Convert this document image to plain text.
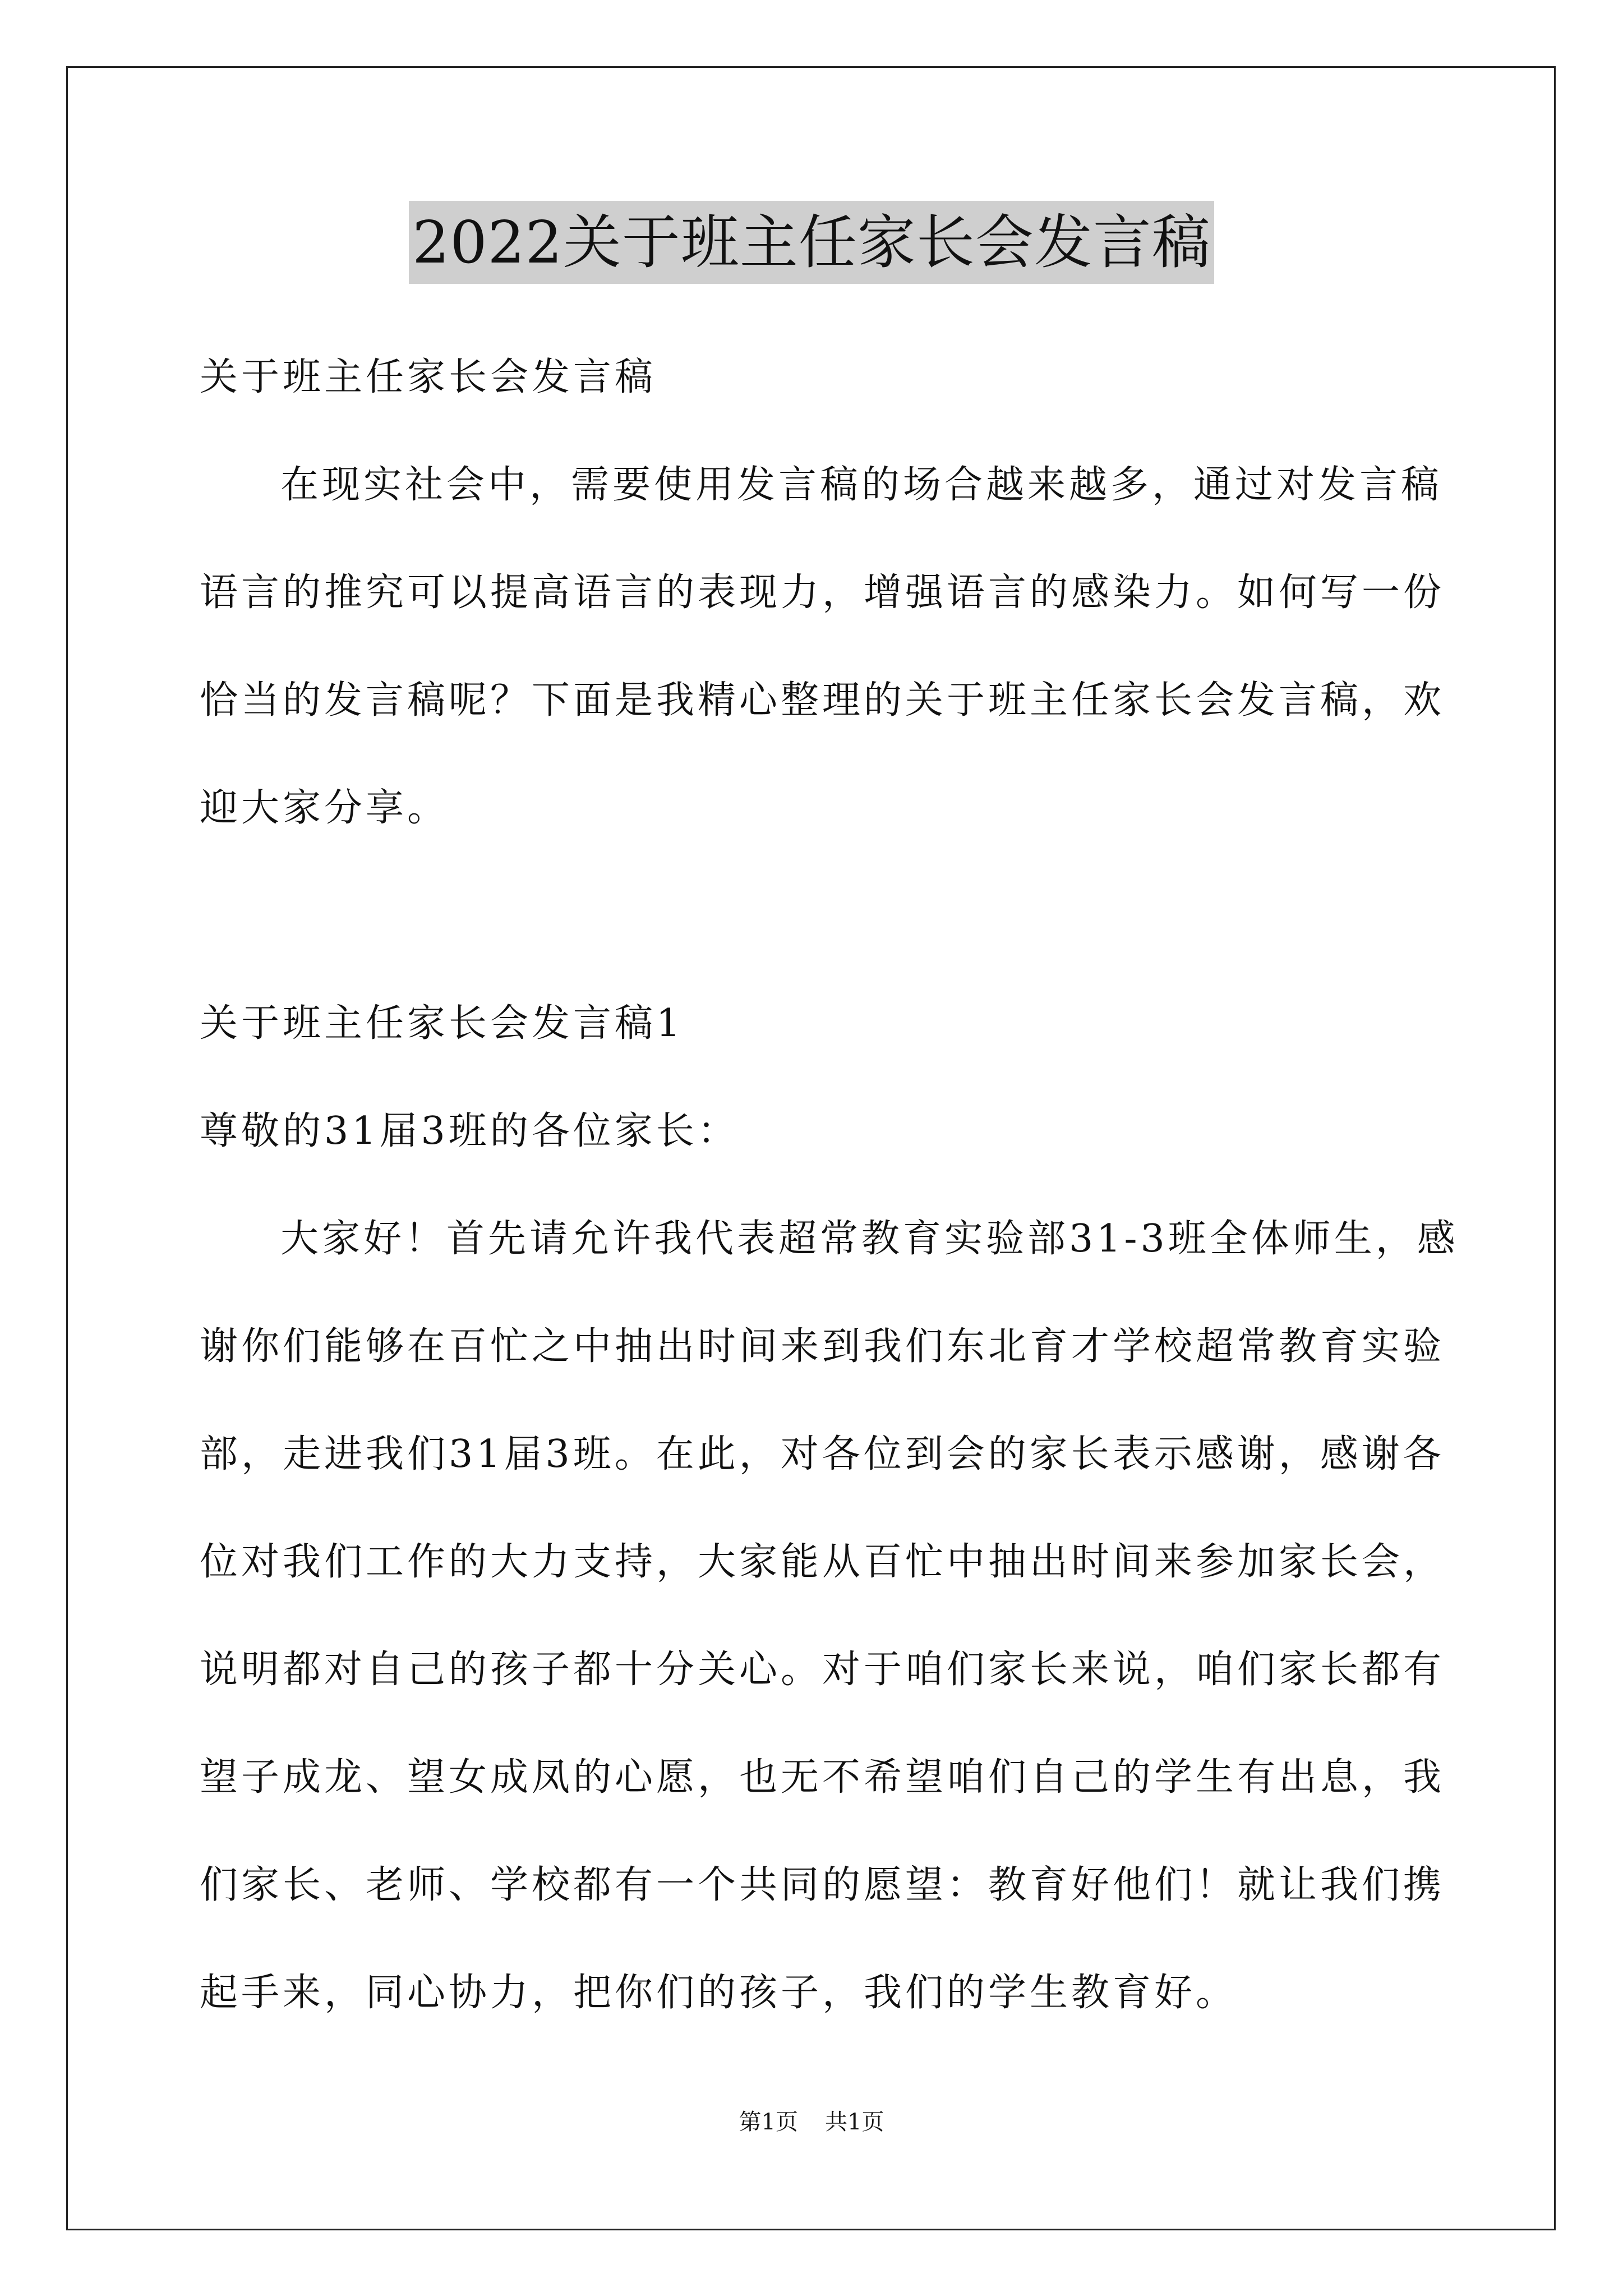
2022关于班主任家长会发言稿
关于班主任家长会发言稿
在现实社会中，需要使用发言稿的场合越来越多，通过对发言稿
语言的推究可以提高语言的表现力，增强语言的感染力。如何写一份
恰当的发言稿呢？下面是我精心整理的关于班主任家长会发言稿，欢
迎大家分享。
关于班主任家长会发言稿1
尊敬的31届3班的各位家长：
大家好！首先请允许我代表超常教育实验部31-3班全体师生，感
谢你们能够在百忙之中抽出时间来到我们东北育才学校超常教育实验
部，走进我们31届3班。在此，对各位到会的家长表示感谢，感谢各
位对我们工作的大力支持，大家能从百忙中抽出时间来参加家长会，
说明都对自己的孩子都十分关心。对于咱们家长来说，咱们家长都有
望子成龙、望女成凤的心愿，也无不希望咱们自己的学生有出息，我
们家长、老师、学校都有一个共同的愿望：教育好他们！就让我们携
起手来，同心协力，把你们的孩子，我们的学生教育好。
第1页 共1页
